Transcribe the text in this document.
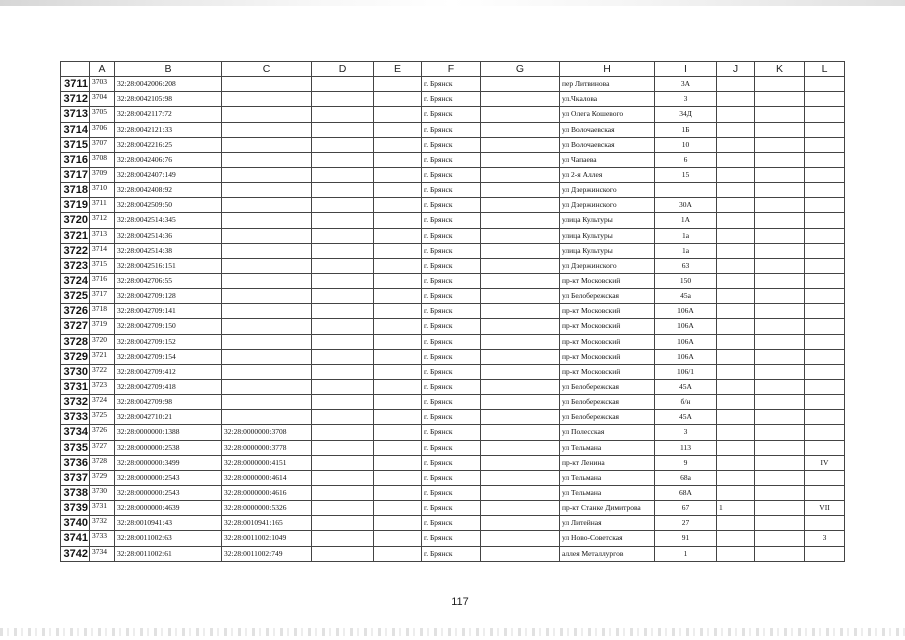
	A	B	C	D	E	F	G	H	I	J	K	L
3711	3703	32:28:0042006:208				г. Брянск		пер Литвинова	3А			
3712	3704	32:28:0042105:98				г. Брянск		ул.Чкалова	3			
3713	3705	32:28:0042117:72				г. Брянск		ул Олега Кошевого	34Д			
3714	3706	32:28:0042121:33				г. Брянск		ул Волочаевская	1Б			
3715	3707	32:28:0042216:25				г. Брянск		ул Волочаевская	10			
3716	3708	32:28:0042406:76				г. Брянск		ул Чапаева	6			
3717	3709	32:28:0042407:149				г. Брянск		ул 2-я Аллея	15			
3718	3710	32:28:0042408:92				г. Брянск		ул Дзержинского				
3719	3711	32:28:0042509:50				г. Брянск		ул Дзержинского	30А			
3720	3712	32:28:0042514:345				г. Брянск		улица Культуры	1А			
3721	3713	32:28:0042514:36				г. Брянск		улица Культуры	1а			
3722	3714	32:28:0042514:38				г. Брянск		улица Культуры	1а			
3723	3715	32:28:0042516:151				г. Брянск		ул Дзержинского	63			
3724	3716	32:28:0042706:55				г. Брянск		пр-кт Московский	150			
3725	3717	32:28:0042709:128				г. Брянск		ул Белобережская	45а			
3726	3718	32:28:0042709:141				г. Брянск		пр-кт Московский	106А			
3727	3719	32:28:0042709:150				г. Брянск		пр-кт Московский	106А			
3728	3720	32:28:0042709:152				г. Брянск		пр-кт Московский	106А			
3729	3721	32:28:0042709:154				г. Брянск		пр-кт Московский	106А			
3730	3722	32:28:0042709:412				г. Брянск		пр-кт Московский	106/1			
3731	3723	32:28:0042709:418				г. Брянск		ул Белобережская	45А			
3732	3724	32:28:0042709:98				г. Брянск		ул Белобережская	б/н			
3733	3725	32:28:0042710:21				г. Брянск		ул Белобережская	45А			
3734	3726	32:28:0000000:1388	32:28:0000000:3708			г. Брянск		ул Полесская	3			
3735	3727	32:28:0000000:2538	32:28:0000000:3778			г. Брянск		ул Тельмана	113			
3736	3728	32:28:0000000:3499	32:28:0000000:4151			г. Брянск		пр-кт Ленина	9			IV
3737	3729	32:28:0000000:2543	32:28:0000000:4614			г. Брянск		ул Тельмана	68а			
3738	3730	32:28:0000000:2543	32:28:0000000:4616			г. Брянск		ул Тельмана	68А			
3739	3731	32:28:0000000:4639	32:28:0000000:5326			г. Брянск		пр-кт Станке Димитрова	67	1		VII
3740	3732	32:28:0010941:43	32:28:0010941:165			г. Брянск		ул Литейная	27			
3741	3733	32:28:0011002:63	32:28:0011002:1049			г. Брянск		ул Ново-Советская	91			3
3742	3734	32:28:0011002:61	32:28:0011002:749			г. Брянск		аллея Металлургов	1			
117
